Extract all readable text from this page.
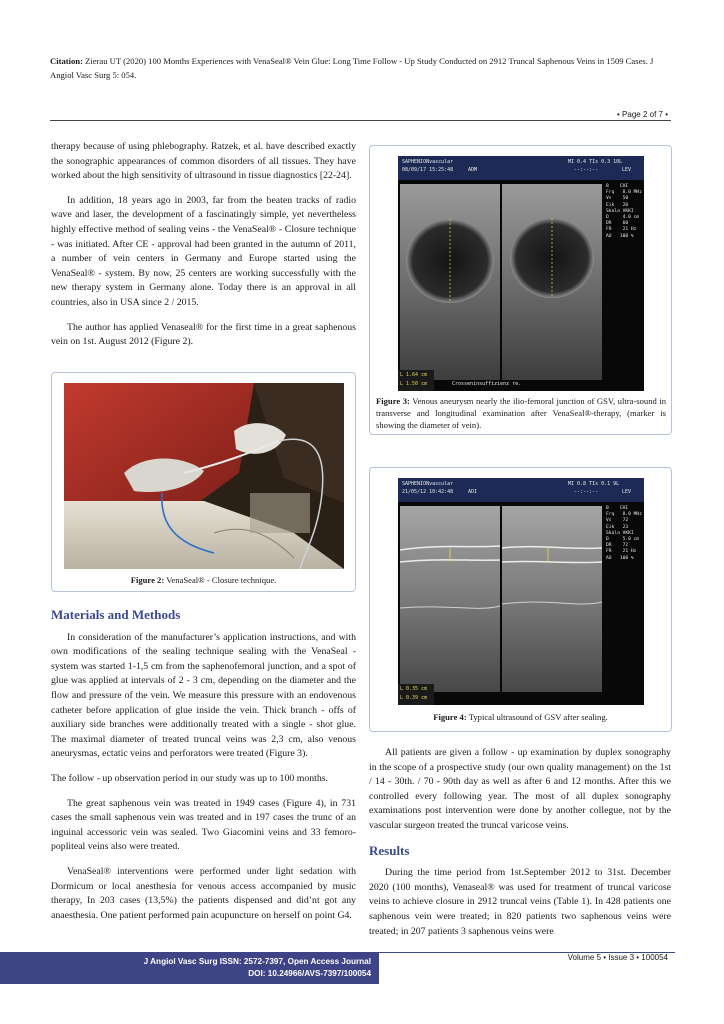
Citation: Zierau UT (2020) 100 Months Experiences with VenaSeal® Vein Glue: Long Time Follow - Up Study Conducted on 2912 Truncal Saphenous Veins in 1509 Cases. J Angiol Vasc Surg 5: 054.
• Page 2 of 7 •

therapy because of using phlebography. Ratzek, et al. have described exactly the sonographic appearances of common disorders of all tissues. They have worked about the high sensitivity of ultrasound in tissue diagnostics [22-24].

In addition, 18 years ago in 2003, far from the beaten tracks of radio wave and laser, the development of a fascinatingly simple, yet nevertheless highly effective method of sealing veins - the VenaSeal® - Closure technique - was initiated. After CE - approval had been granted in the autumn of 2011, a number of vein centers in Germany and Europe started using the VenaSeal® - system. By now, 25 centers are working successfully with the new therapy system in Germany alone. Today there is an approval in all countries, also in USA since 2 / 2015.

The author has applied Venaseal® for the first time in a great saphenous vein on 1st. August 2012 (Figure 2).

Figure 2: VenaSeal® - Closure technique.
Materials and Methods

In consideration of the manufacturer’s application instructions, and with own modifications of the sealing technique sealing with the VenaSeal - system was started 1-1,5 cm from the saphenofemoral junction, and a spot of glue was applied at intervals of 2 - 3 cm, depending on the diameter and the flow and pressure of the vein. We measure this pressure with an endovenous catheter before application of glue inside the vein. Thick branch - offs of auxiliary side branches were additionally treated with a single - shot glue. The maximal diameter of treated truncal veins was 2,3 cm, also venous aneurysmas, ectatic veins and perforators were treated (Figure 3).

The follow - up observation period in our study was up to 100 months.

The great saphenous vein was treated in 1949 cases (Figure 4), in 731 cases the small saphenous vein was treated and in 197 cases the trunc of an inguinal accessoric vein was sealed. Two Giacomini veins and 33 femoro-popliteal veins also were treated.

VenaSeal® interventions were performed under light sedation with Dormicum or local anesthesia for venous access accompanied by music therapy, In 203 cases (13,5%) the patients dispensed and did’nt got any anaesthesia. One patient performed pain acupuncture on herself on point G4.

SAPHENIONvascular
08/09/17 15:25:48	ADM
MI 0.4 TIs 0.3 10L
--:--:--	LEV
B    CHI
Frq   8.0 MHz
Vs    50
Eik   20
Skala VKKI
D     4.0 cm
DR    60
FR    21 Hz
AO   100 %
L 1.64 cm
L 1.50 cm	Crosseninsuffizienz re.
Figure 3: Venous aneurysm nearly the ilio-femoral junction of GSV, ultra-sound in transverse and longitudinal examination after VenaSeal®-therapy, (marker is showing the diameter of vein).
SAPHENIONvascular
21/05/12 10:42:48	ADI
MI 0.8 TIs 0.1 9L
--:--:--	LEV
B    CHI
Frq   8.0 MHz
Vs    72
Eik   23
Skala VKKI
D     5.0 cm
DR    72
FR    21 Hz
AO   100 %
L 0.35 cm
L 0.39 cm
Figure 4: Typical ultrasound of GSV after sealing.

All patients are given a follow - up examination by duplex sonography in the scope of a prospective study (our own quality management) on the 1st / 14 - 30th. / 70 - 90th day as well as after 6 and 12 months. After this we controlled every following year. The most of all duplex sonography examinations post intervention were done by another collegue, not by the vascular surgeon treated the truncal varicose veins.

Results

During the time period from 1st.September 2012 to 31st. December 2020 (100 months), Venaseal® was used for treatment of truncal varicose veins to achieve closure in 2912 truncal veins (Table 1). In 428 patients one saphenous vein were treated; in 820 patients two saphenous veins were treated; in 207 patients 3 saphenous veins were

J Angiol Vasc Surg ISSN: 2572-7397, Open Access Journal
DOI: 10.24966/AVS-7397/100054
Volume 5 • Issue 3 • 100054
